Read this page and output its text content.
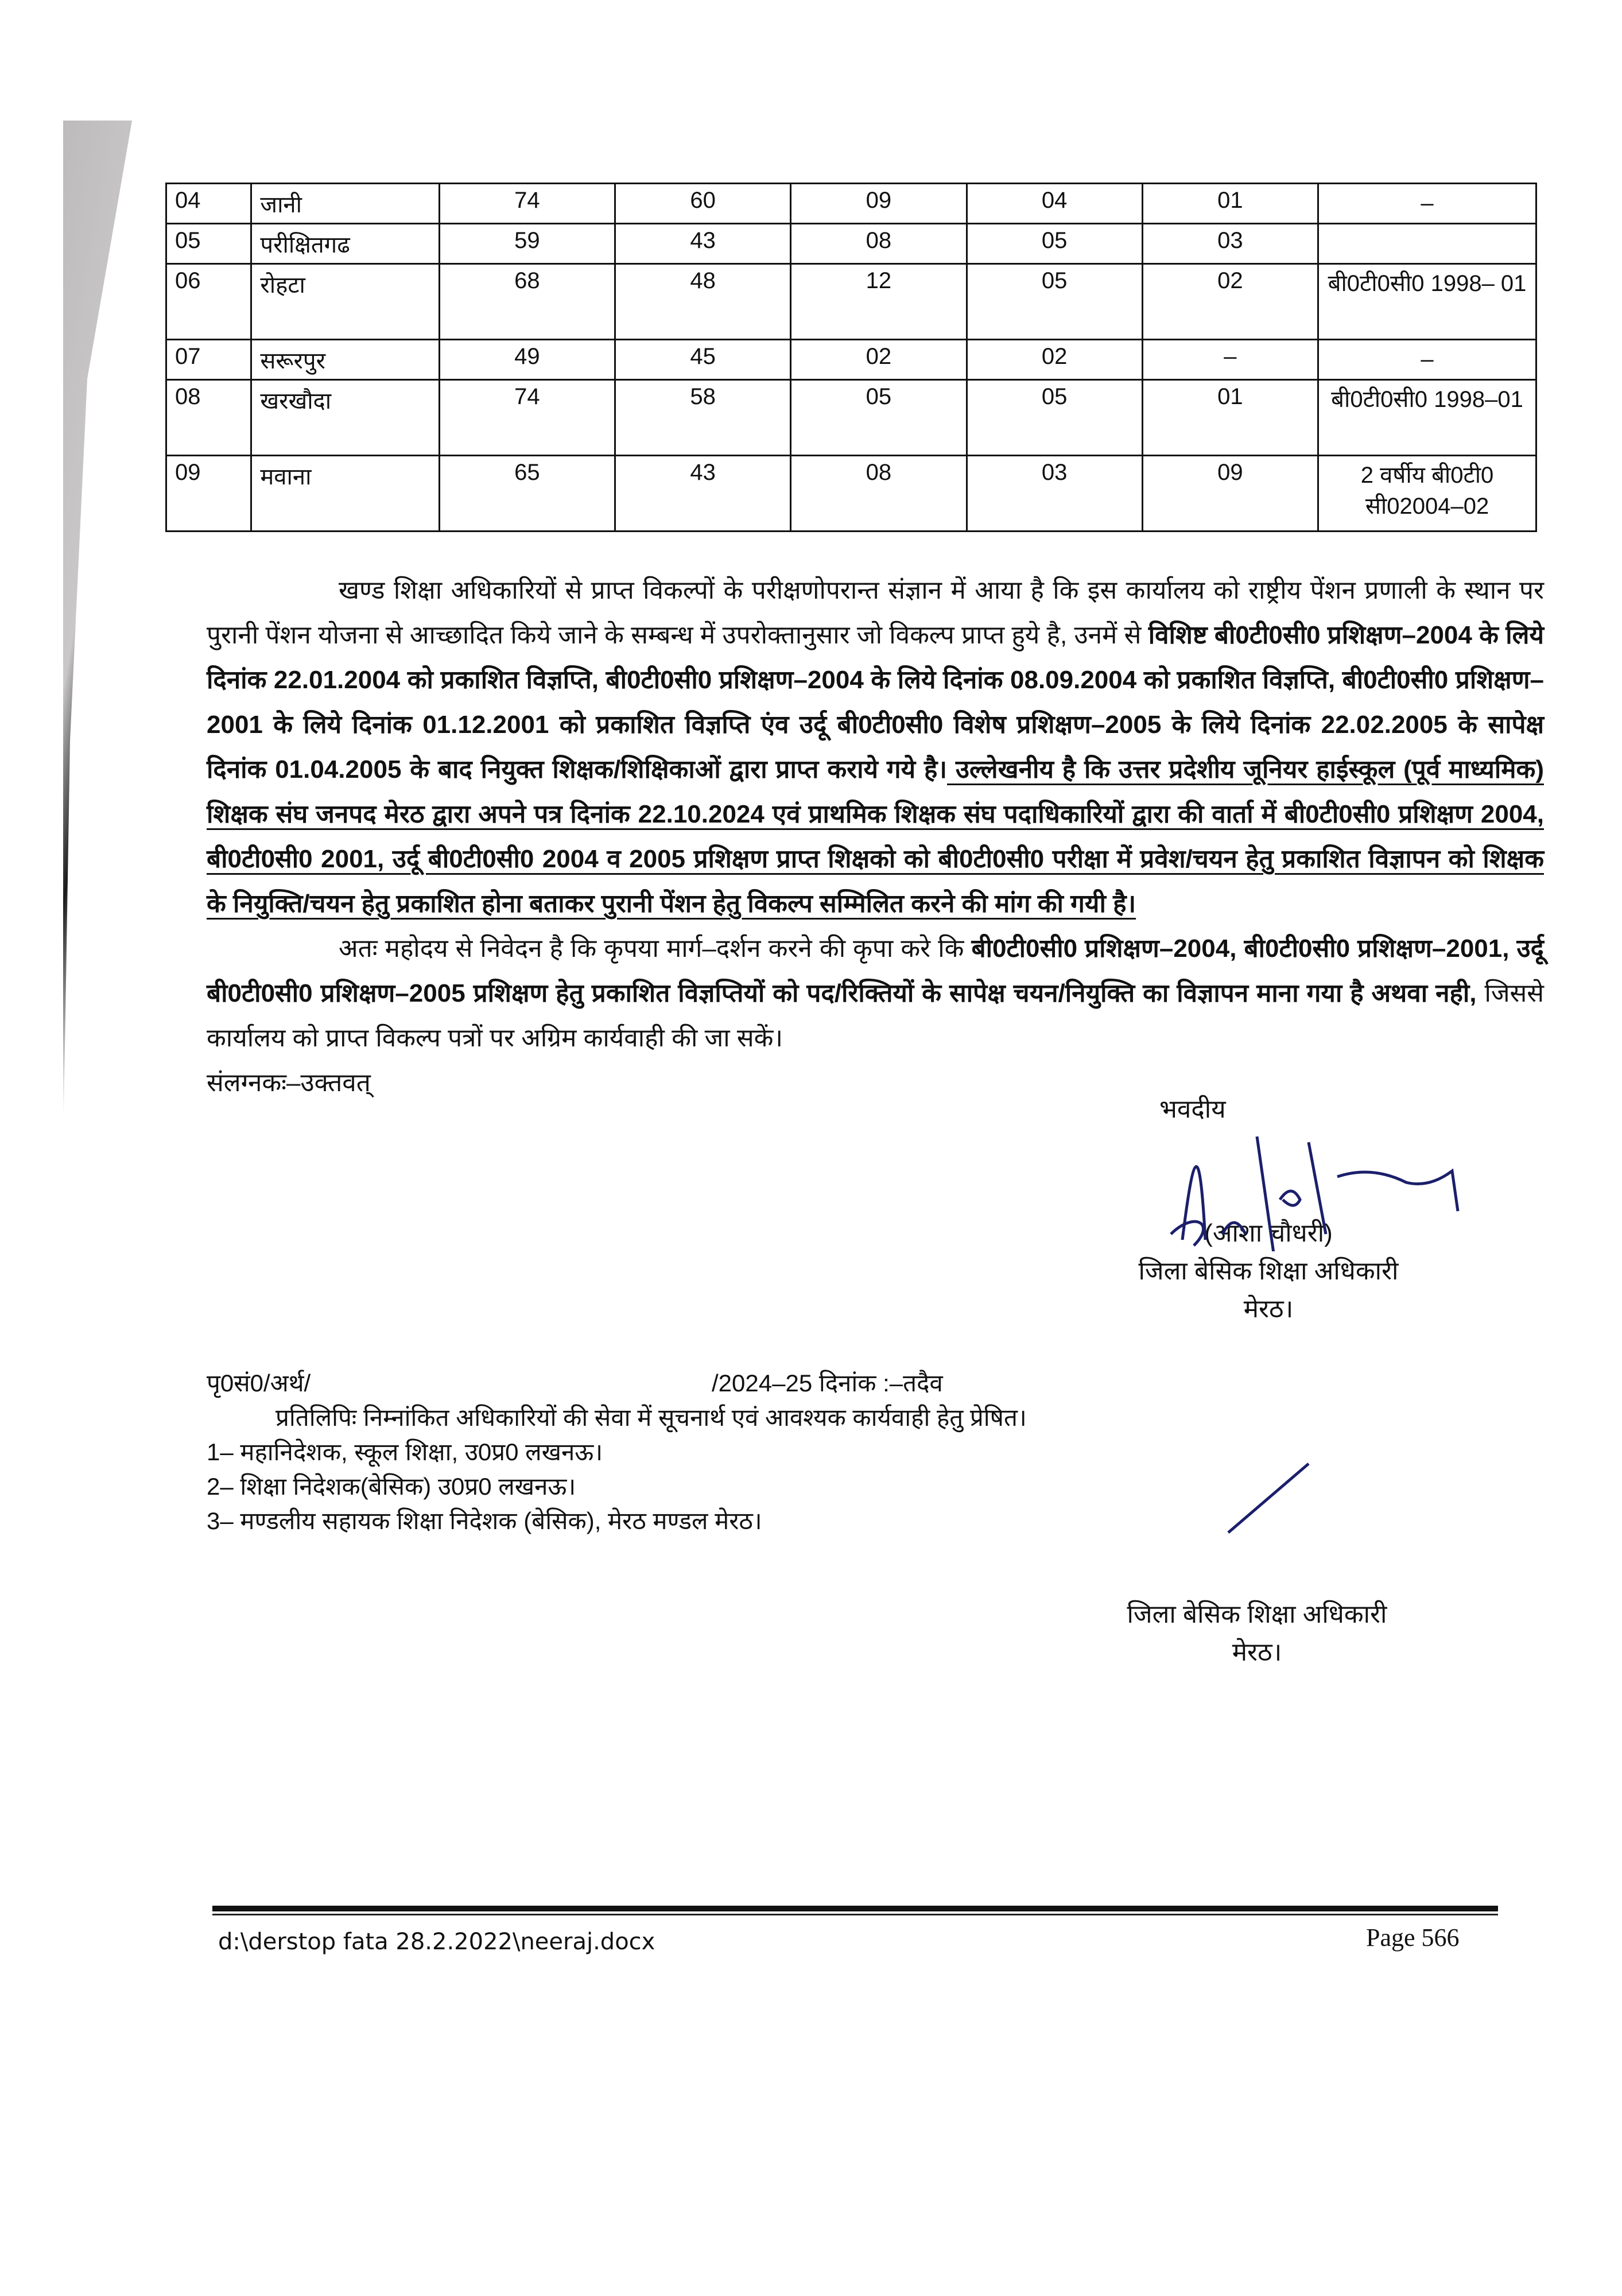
04	जानी	74	60	09	04	01	–
05	परीक्षितगढ	59	43	08	05	03	
06	रोहटा	68	48	12	05	02	बी0टी0सी0 1998– 01
07	सरूरपुर	49	45	02	02	–	–
08	खरखौदा	74	58	05	05	01	बी0टी0सी0 1998–01
09	मवाना	65	43	08	03	09	2 वर्षीय बी0टी0 सी02004–02

खण्ड शिक्षा अधिकारियों से प्राप्त विकल्पों के परीक्षणोपरान्त संज्ञान में आया है कि इस कार्यालय को राष्ट्रीय पेंशन प्रणाली के स्थान पर पुरानी पेंशन योजना से आच्छादित किये जाने के सम्बन्ध में उपरोक्तानुसार जो विकल्प प्राप्त हुये है, उनमें से विशिष्ट बी0टी0सी0 प्रशिक्षण–2004 के लिये दिनांक 22.01.2004 को प्रकाशित विज्ञप्ति, बी0टी0सी0 प्रशिक्षण–2004 के लिये दिनांक 08.09.2004 को प्रकाशित विज्ञप्ति, बी0टी0सी0 प्रशिक्षण–2001 के लिये दिनांक 01.12.2001 को प्रकाशित विज्ञप्ति एंव उर्दू बी0टी0सी0 विशेष प्रशिक्षण–2005 के लिये दिनांक 22.02.2005 के सापेक्ष दिनांक 01.04.2005 के बाद नियुक्त शिक्षक/शिक्षिकाओं द्वारा प्राप्त कराये गये है। उल्लेखनीय है कि उत्तर प्रदेशीय जूनियर हाईस्कूल (पूर्व माध्यमिक) शिक्षक संघ जनपद मेरठ द्वारा अपने पत्र दिनांक 22.10.2024 एवं प्राथमिक शिक्षक संघ पदाधिकारियों द्वारा की वार्ता में बी0टी0सी0 प्रशिक्षण 2004, बी0टी0सी0 2001, उर्दू बी0टी0सी0 2004 व 2005 प्रशिक्षण प्राप्त शिक्षको को बी0टी0सी0 परीक्षा में प्रवेश/चयन हेतु प्रकाशित विज्ञापन को शिक्षक के नियुक्ति/चयन हेतु प्रकाशित होना बताकर पुरानी पेंशन हेतु विकल्प सम्मिलित करने की मांग की गयी है।

अतः महोदय से निवेदन है कि कृपया मार्ग–दर्शन करने की कृपा करे कि बी0टी0सी0 प्रशिक्षण–2004, बी0टी0सी0 प्रशिक्षण–2001, उर्दू बी0टी0सी0 प्रशिक्षण–2005 प्रशिक्षण हेतु प्रकाशित विज्ञप्तियों को पद/रिक्तियों के सापेक्ष चयन/नियुक्ति का विज्ञापन माना गया है अथवा नही, जिससे कार्यालय को प्राप्त विकल्प पत्रों पर अग्रिम कार्यवाही की जा सकें।

संलग्नकः–उक्तवत्

भवदीय
(आशा चौधरी)
जिला बेसिक शिक्षा अधिकारी
मेरठ।
पृ0सं0/अर्थ/	/2024–25 दिनांक :–तदैव

प्रतिलिपिः निम्नांकित अधिकारियों की सेवा में सूचनार्थ एवं आवश्यक कार्यवाही हेतु प्रेषित।

1– महानिदेशक, स्कूल शिक्षा, उ0प्र0 लखनऊ।

2– शिक्षा निदेशक(बेसिक) उ0प्र0 लखनऊ।

3– मण्डलीय सहायक शिक्षा निदेशक (बेसिक), मेरठ मण्डल मेरठ।

जिला बेसिक शिक्षा अधिकारी
मेरठ।
d:\derstop fata 28.2.2022\neeraj.docx	Page 566
